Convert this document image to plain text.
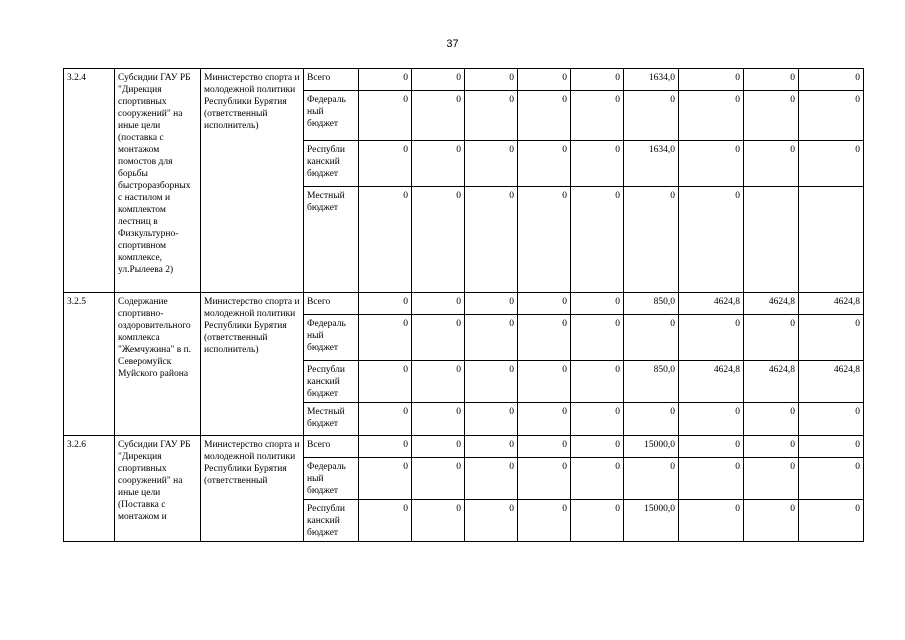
37
3.2.4	Субсидии ГАУ РБ "Дирекция спортивных сооружений" на иные цели (поставка с монтажом помостов для борьбы быстроразборных с настилом и комплектом лестниц в Физкультурно-спортивном комплексе, ул.Рылеева 2)	Министерство спорта и молодежной политики Республики Бурятия (ответственный исполнитель)	Всего	0	0	0	0	0	1634,0	0	0	0
			Федераль ный бюджет	0	0	0	0	0	0	0	0	0
			Республи канский бюджет	0	0	0	0	0	1634,0	0	0	0
			Местный бюджет	0	0	0	0	0	0	0		
3.2.5	Содержание спортивно-оздоровительного комплекса "Жемчужина" в п. Северомуйск Муйского района	Министерство спорта и молодежной политики Республики Бурятия (ответственный исполнитель)	Всего	0	0	0	0	0	850,0	4624,8	4624,8	4624,8
			Федераль ный бюджет	0	0	0	0	0	0	0	0	0
			Республи канский бюджет	0	0	0	0	0	850,0	4624,8	4624,8	4624,8
			Местный бюджет	0	0	0	0	0	0	0	0	0
3.2.6	Субсидии ГАУ РБ "Дирекция спортивных сооружений" на иные цели (Поставка с монтажом и	Министерство спорта и молодежной политики Республики Бурятия (ответственный	Всего	0	0	0	0	0	15000,0	0	0	0
			Федераль ный бюджет	0	0	0	0	0	0	0	0	0
			Республи канский бюджет	0	0	0	0	0	15000,0	0	0	0
